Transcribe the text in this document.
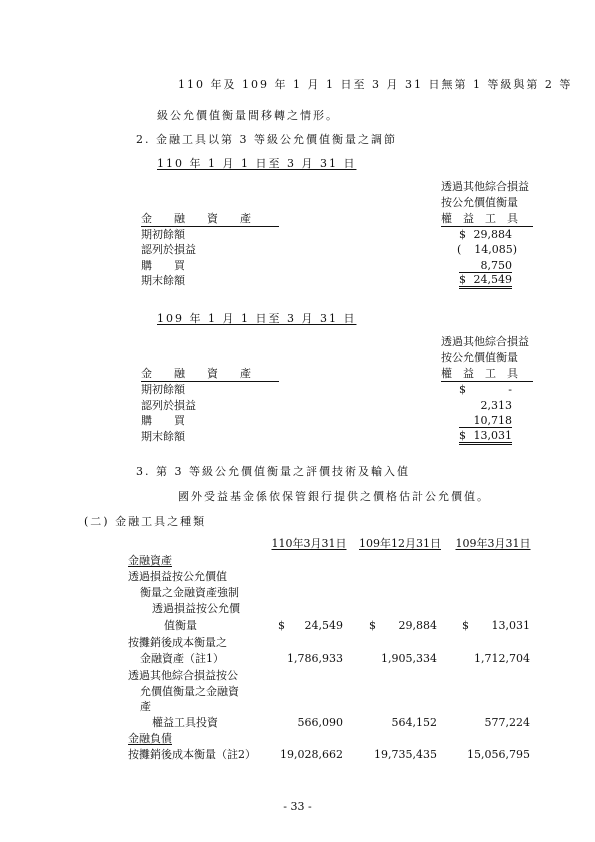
110 年及 109 年 1 月 1 日至 3 月 31 日無第 1 等級與第 2 等
級公允價值衡量間移轉之情形。
2. 金融工具以第 3 等級公允價值衡量之調節
110 年 1 月 1 日至 3 月 31 日
透過其他綜合損益
按公允價值衡量
權　益　工　具
金　　融　　資　　產
期初餘額	$ 29,884
認列於損益	(	14,085)
購　　買	8,750
期末餘額	$ 24,549

109 年 1 月 1 日至 3 月 31 日
透過其他綜合損益
按公允價值衡量
權　益　工　具
金　　融　　資　　產
期初餘額	$	-
認列於損益	2,313
購　　買	10,718
期末餘額	$ 13,031

3. 第 3 等級公允價值衡量之評價技術及輸入值
國外受益基金係依保管銀行提供之價格估計公允價值。
(二) 金融工具之種類
110年3月31日 109年12月31日	109年3月31日
金融資產
透過損益按公允價值
衡量之金融資產強制
透過損益按公允價
值衡量	$	24,549 $	29,884 $	13,031
按攤銷後成本衡量之
金融資產（註1）	1,786,933	1,905,334	1,712,704
透過其他綜合損益按公
允價值衡量之金融資
產
權益工具投資	566,090	564,152	577,224
金融負債
按攤銷後成本衡量（註2）	19,028,662	19,735,435	15,056,795
- 33 -
